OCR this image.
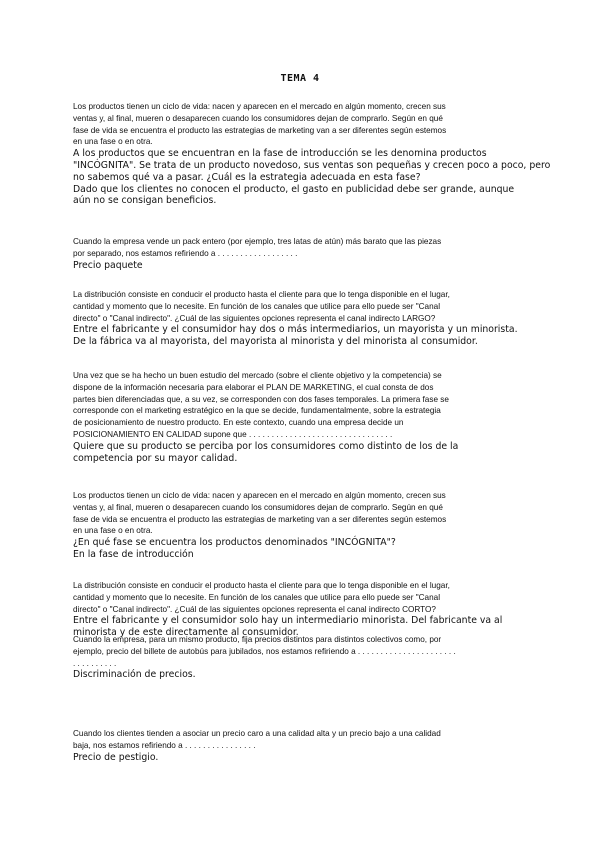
TEMA 4
Los productos tienen un ciclo de vida: nacen y aparecen en el mercado en algún momento, crecen sus
ventas y, al final, mueren o desaparecen cuando los consumidores dejan de comprarlo. Según en qué
fase de vida se encuentra el producto las estrategias de marketing van a ser diferentes según estemos
en una fase o en otra.
A los productos que se encuentran en la fase de introducción se les denomina productos
"INCÓGNITA". Se trata de un producto novedoso, sus ventas son pequeñas y crecen poco a poco, pero
no sabemos qué va a pasar. ¿Cuál es la estrategia adecuada en esta fase?
Dado que los clientes no conocen el producto, el gasto en publicidad debe ser grande, aunque
aún no se consigan beneficios.
Cuando la empresa vende un pack entero (por ejemplo, tres latas de atún) más barato que las piezas
por separado, nos estamos refiriendo a . . . . . . . . . . . . . . . . . .
Precio paquete
La distribución consiste en conducir el producto hasta el cliente para que lo tenga disponible en el lugar,
cantidad y momento que lo necesite. En función de los canales que utilice para ello puede ser "Canal
directo" o "Canal indirecto". ¿Cuál de las siguientes opciones representa el canal indirecto LARGO?
Entre el fabricante y el consumidor hay dos o más intermediarios, un mayorista y un minorista.
De la fábrica va al mayorista, del mayorista al minorista y del minorista al consumidor.
Una vez que se ha hecho un buen estudio del mercado (sobre el cliente objetivo y la competencia) se
dispone de la información necesaria para elaborar el PLAN DE MARKETING, el cual consta de dos
partes bien diferenciadas que, a su vez, se corresponden con dos fases temporales. La primera fase se
corresponde con el marketing estratégico en la que se decide, fundamentalmente, sobre la estrategia
de posicionamiento de nuestro producto. En este contexto, cuando una empresa decide un
POSICIONAMIENTO EN CALIDAD supone que . . . . . . . . . . . . . . . . . . . . . . . . . . . . . . . .
Quiere que su producto se perciba por los consumidores como distinto de los de la
competencia por su mayor calidad.
Los productos tienen un ciclo de vida: nacen y aparecen en el mercado en algún momento, crecen sus
ventas y, al final, mueren o desaparecen cuando los consumidores dejan de comprarlo. Según en qué
fase de vida se encuentra el producto las estrategias de marketing van a ser diferentes según estemos
en una fase o en otra.
¿En qué fase se encuentra los productos denominados "INCÓGNITA"?
En la fase de introducción
La distribución consiste en conducir el producto hasta el cliente para que lo tenga disponible en el lugar,
cantidad y momento que lo necesite. En función de los canales que utilice para ello puede ser "Canal
directo" o "Canal indirecto". ¿Cuál de las siguientes opciones representa el canal indirecto CORTO?
Entre el fabricante y el consumidor solo hay un intermediario minorista. Del fabricante va al
minorista y de este directamente al consumidor.
Cuando la empresa, para un mismo producto, fija precios distintos para distintos colectivos como, por
ejemplo, precio del billete de autobús para jubilados, nos estamos refiriendo a . . . . . . . . . . . . . . . . . . . . . .
. . . . . . . . . .
Discriminación de precios.
Cuando los clientes tienden a asociar un precio caro a una calidad alta y un precio bajo a una calidad
baja, nos estamos refiriendo a . . . . . . . . . . . . . . . .
Precio de pestigio.
